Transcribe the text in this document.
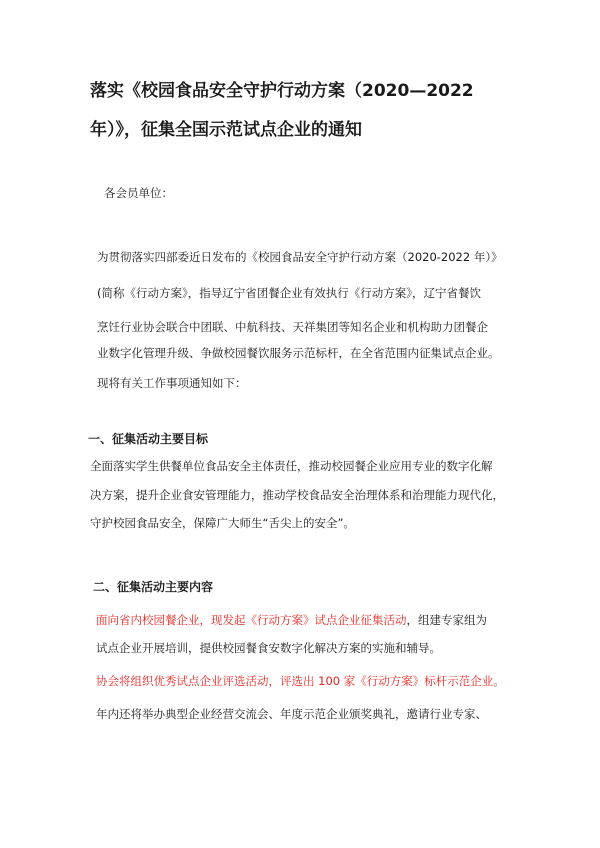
落实《校园食品安全守护行动方案（2020—2022
年）》，征集全国示范试点企业的通知
各会员单位：
为贯彻落实四部委近日发布的《校园食品安全守护行动方案（2020-2022 年）》
(简称《行动方案》，指导辽宁省团餐企业有效执行《行动方案》，辽宁省餐饮
烹饪行业协会联合中团联、中航科技、天祥集团等知名企业和机构助力团餐企
业数字化管理升级、争做校园餐饮服务示范标杆，在全省范围内征集试点企业。
现将有关工作事项通知如下：
一、征集活动主要目标
全面落实学生供餐单位食品安全主体责任，推动校园餐企业应用专业的数字化解
决方案，提升企业食安管理能力，推动学校食品安全治理体系和治理能力现代化，
守护校园食品安全，保障广大师生“舌尖上的安全”。
二、征集活动主要内容
面向省内校园餐企业，现发起《行动方案》试点企业征集活动，组建专家组为
试点企业开展培训，提供校园餐食安数字化解决方案的实施和辅导。
协会将组织优秀试点企业评选活动，评选出 100 家《行动方案》标杆示范企业。
年内还将举办典型企业经营交流会、年度示范企业颁奖典礼，邀请行业专家、
